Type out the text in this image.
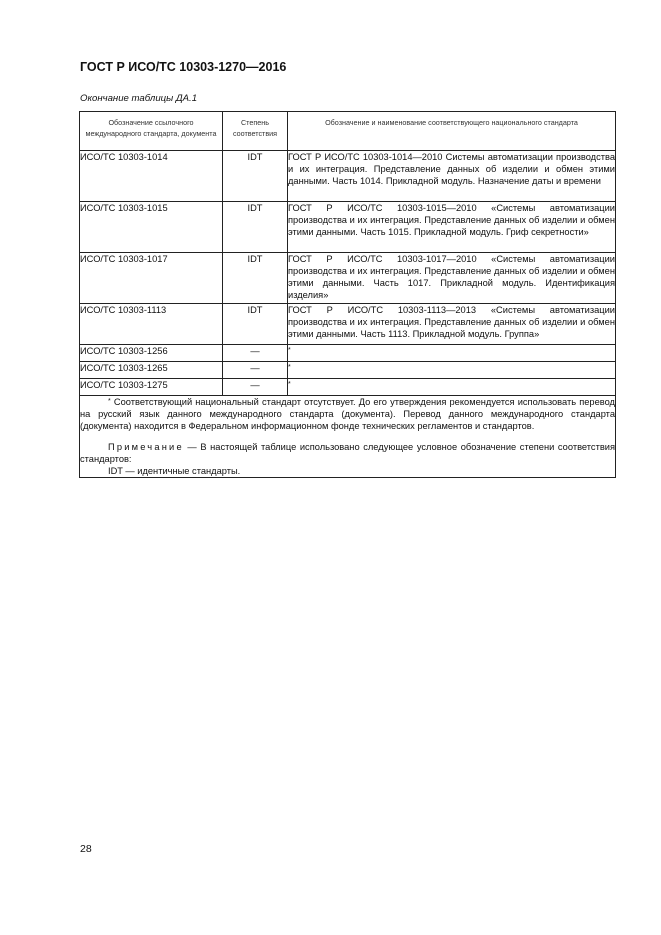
ГОСТ Р ИСО/ТС 10303-1270—2016
Окончание таблицы ДА.1
Обозначение ссылочного международного стандарта, документа	Степень соответствия	Обозначение и наименование соответствующего национального стандарта

ИСО/ТС 10303-1014	IDT	ГОСТ Р ИСО/ТС 10303-1014—2010 Системы автоматизации производства и их интеграция. Представление данных об изделии и обмен этими данными. Часть 1014. Прикладной модуль. Назначение даты и времени
ИСО/ТС 10303-1015	IDT	ГОСТ Р ИСО/ТС 10303-1015—2010 «Системы автоматизации производства и их интеграция. Представление данных об изделии и обмен этими данными. Часть 1015. Прикладной модуль. Гриф секретности»
ИСО/ТС 10303-1017	IDT	ГОСТ Р ИСО/ТС 10303-1017—2010 «Системы автоматизации производства и их интеграция. Представление данных об изделии и обмен этими данными. Часть 1017. Прикладной модуль. Идентификация изделия»
ИСО/ТС 10303-1113	IDT	ГОСТ Р ИСО/ТС 10303-1113—2013 «Системы автоматизации производства и их интеграция. Представление данных об изделии и обмен этими данными. Часть 1113. Прикладной модуль. Группа»
ИСО/ТС 10303-1256	—	*
ИСО/ТС 10303-1265	—	*
ИСО/ТС 10303-1275	—	*

* Соответствующий национальный стандарт отсутствует. До его утверждения рекомендуется использовать перевод на русский язык данного международного стандарта (документа). Перевод данного международного стандарта (документа) находится в Федеральном информационном фонде технических регламентов и стандартов.

Примечание — В настоящей таблице использовано следующее условное обозначение степени соответствия стандартов:

IDT — идентичные стандарты.		

28
